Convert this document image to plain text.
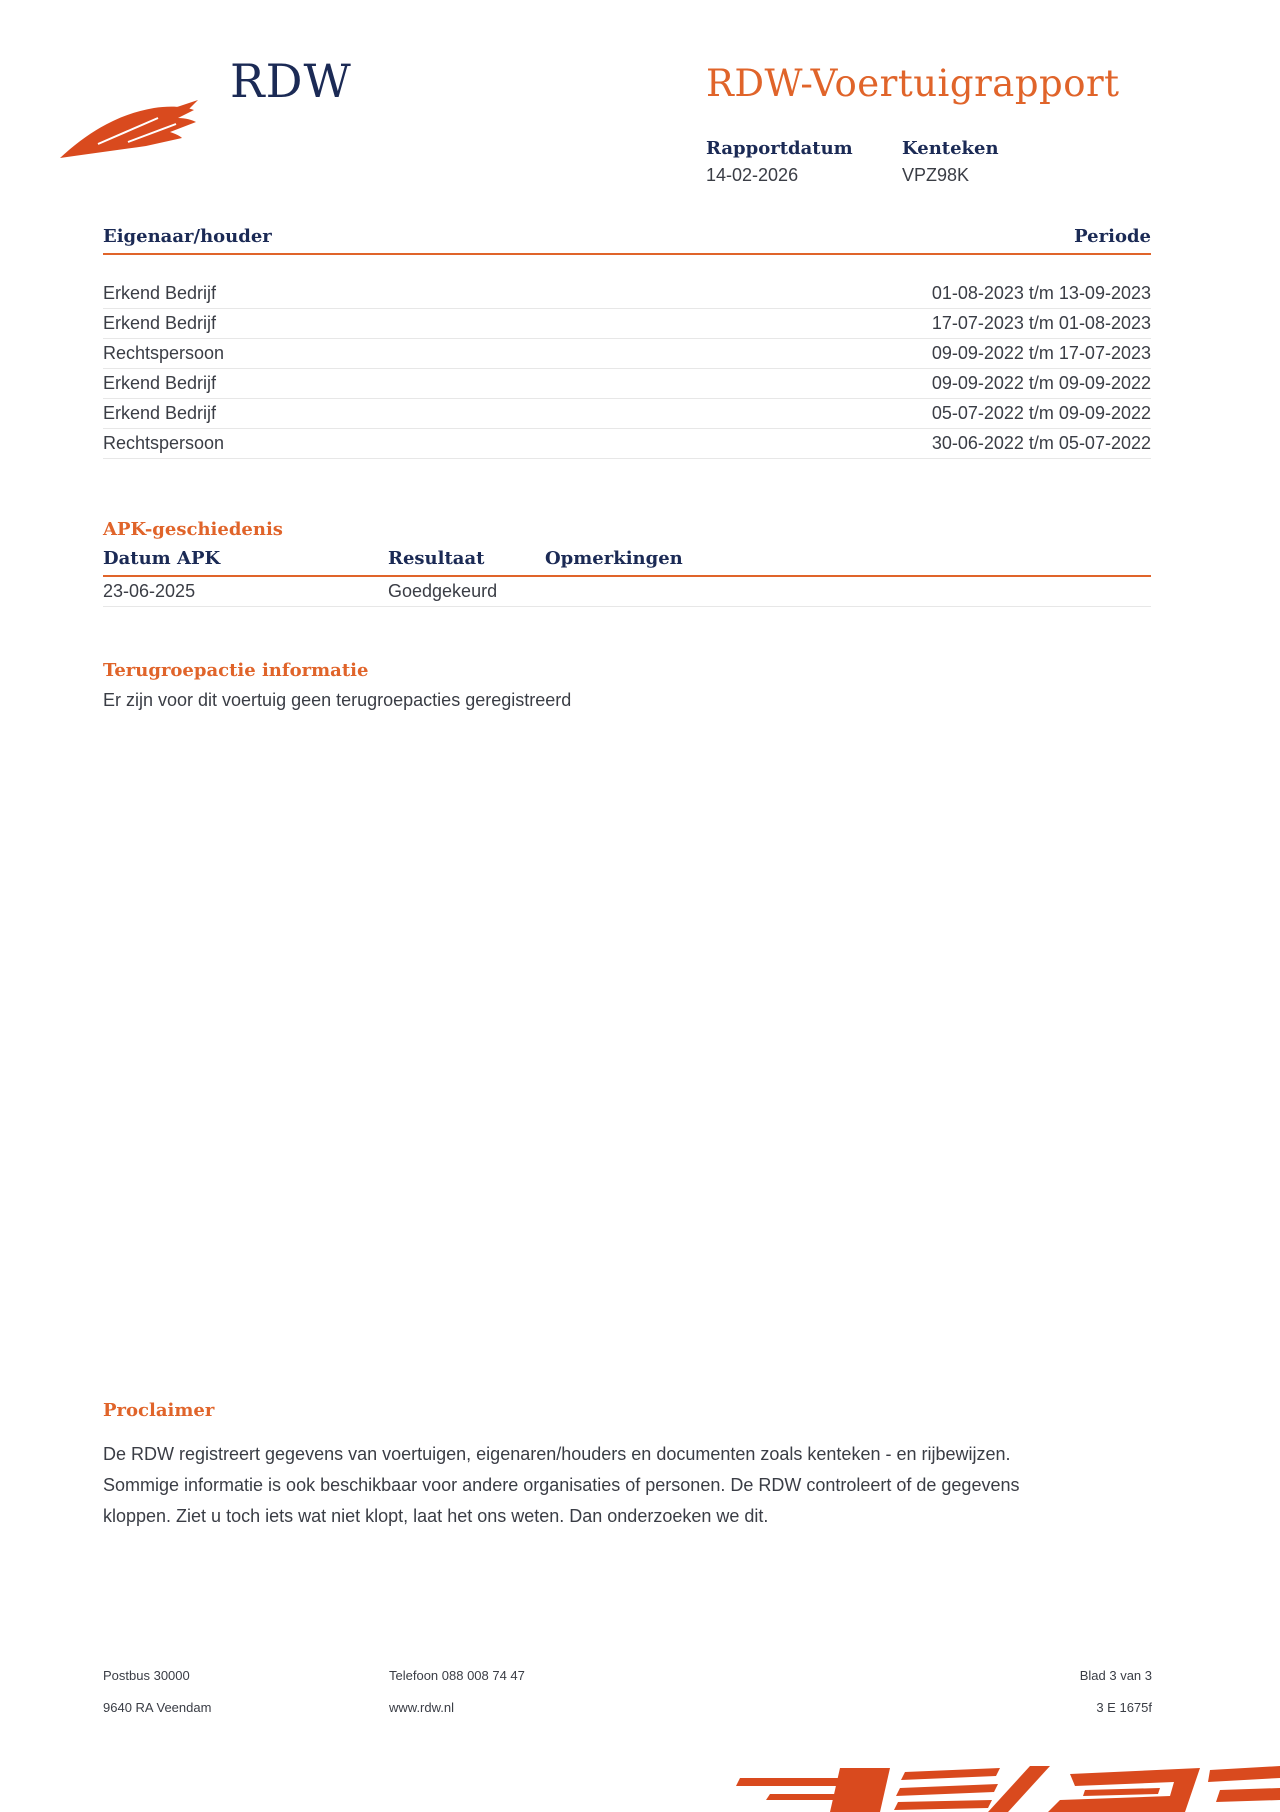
RDW	RDW-Voertuigrapport
Rapportdatum
14-02-2026
Kenteken
VPZ98K
Eigenaar/houder	Periode
Erkend Bedrijf	01-08-2023 t/m 13-09-2023
Erkend Bedrijf	17-07-2023 t/m 01-08-2023
Rechtspersoon	09-09-2022 t/m 17-07-2023
Erkend Bedrijf	09-09-2022 t/m 09-09-2022
Erkend Bedrijf	05-07-2022 t/m 09-09-2022
Rechtspersoon	30-06-2022 t/m 05-07-2022
APK-geschiedenis
Datum APK	Resultaat	Opmerkingen
23-06-2025	Goedgekeurd
Terugroepactie informatie
Er zijn voor dit voertuig geen terugroepacties geregistreerd
Proclaimer
De RDW registreert gegevens van voertuigen, eigenaren/houders en documenten zoals kenteken - en rijbewijzen.
Sommige informatie is ook beschikbaar voor andere organisaties of personen. De RDW controleert of de gegevens
kloppen. Ziet u toch iets wat niet klopt, laat het ons weten. Dan onderzoeken we dit.
Postbus 30000
9640 RA Veendam
Telefoon 088 008 74 47
www.rdw.nl
Blad 3 van 3
3 E 1675f
